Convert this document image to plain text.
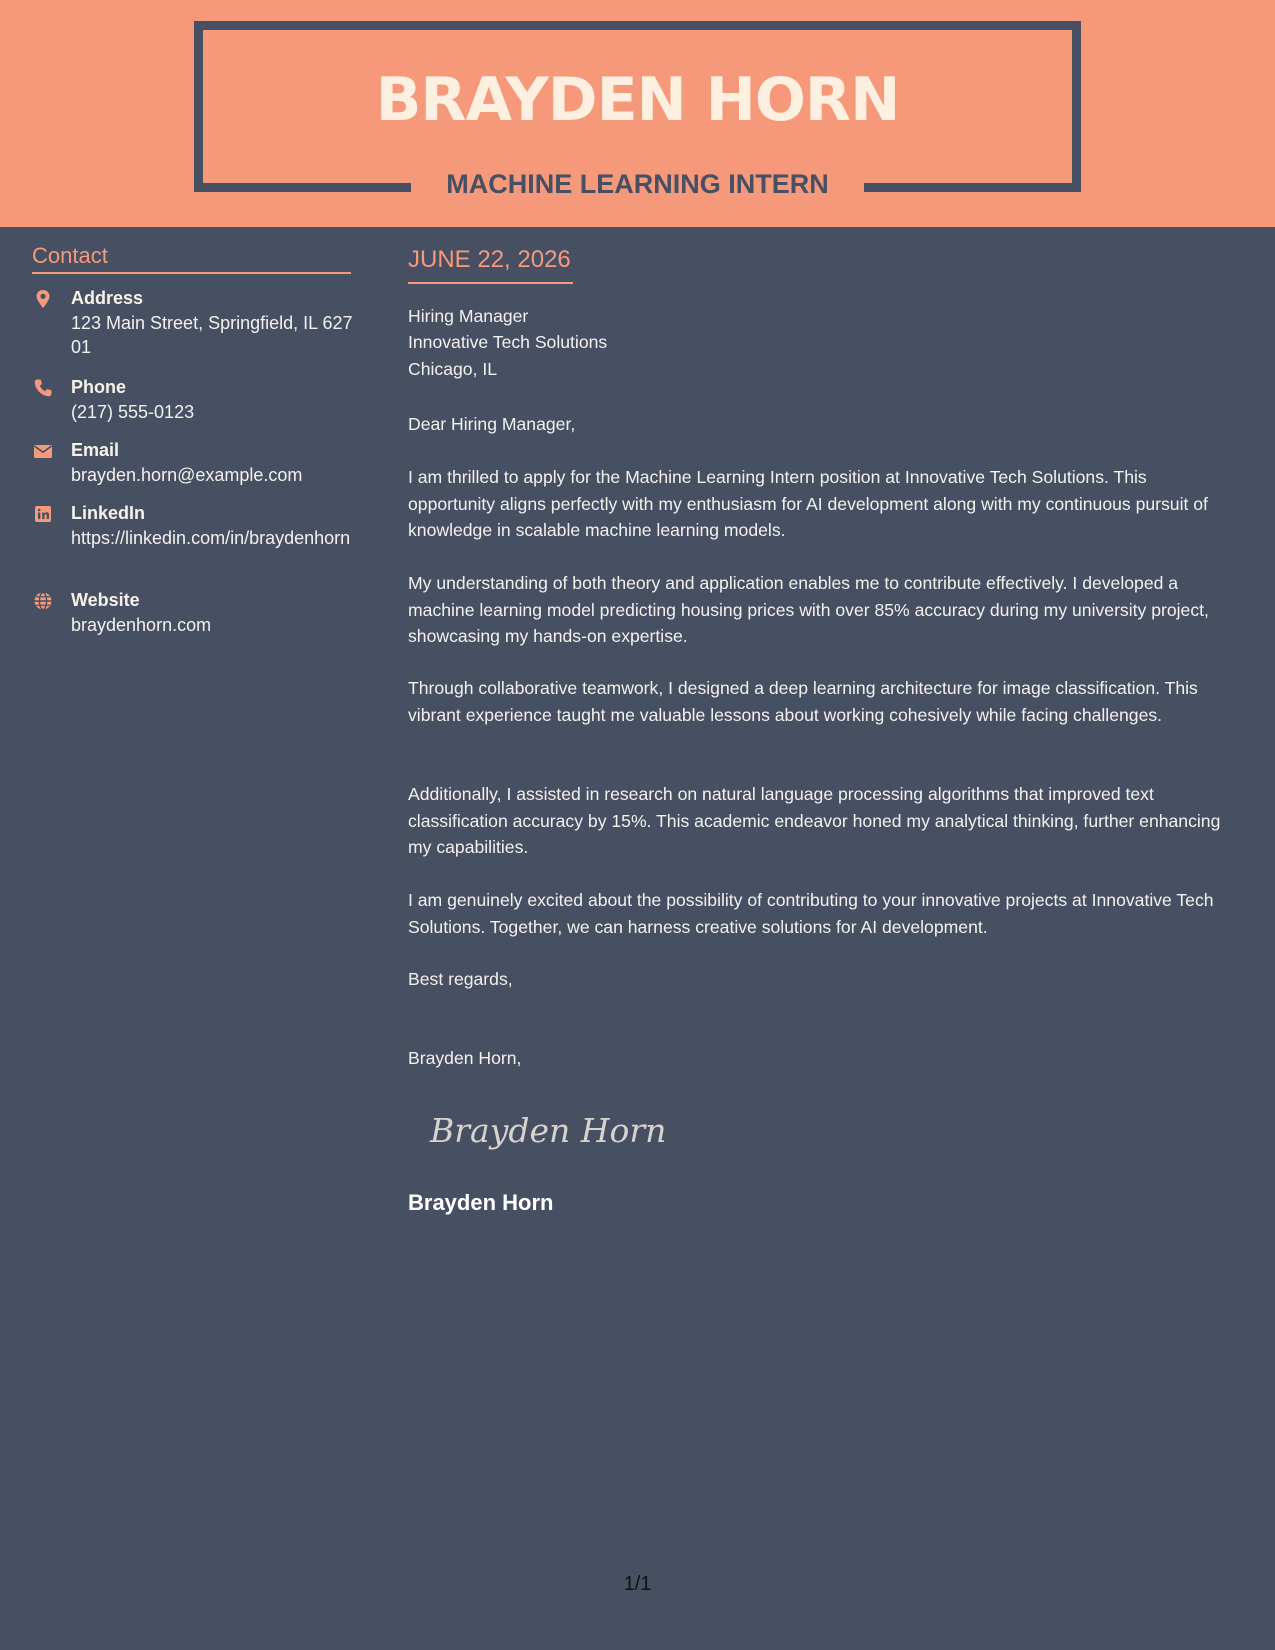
BRAYDEN HORN
MACHINE LEARNING INTERN
Contact
Address
123 Main Street, Springfield, IL 62701
Phone
(217) 555-0123
Email
brayden.horn@example.com
LinkedIn
https://linkedin.com/in/braydenhorn
Website
braydenhorn.com
JUNE 22, 2026
Hiring Manager
Innovative Tech Solutions
Chicago, IL
Dear Hiring Manager,
I am thrilled to apply for the Machine Learning Intern position at Innovative Tech Solutions. This opportunity aligns perfectly with my enthusiasm for AI development along with my continuous pursuit of knowledge in scalable machine learning models.
My understanding of both theory and application enables me to contribute effectively. I developed a machine learning model predicting housing prices with over 85% accuracy during my university project, showcasing my hands-on expertise.
Through collaborative teamwork, I designed a deep learning architecture for image classification. This vibrant experience taught me valuable lessons about working cohesively while facing challenges.
Additionally, I assisted in research on natural language processing algorithms that improved text classification accuracy by 15%. This academic endeavor honed my analytical thinking, further enhancing my capabilities.
I am genuinely excited about the possibility of contributing to your innovative projects at Innovative Tech Solutions. Together, we can harness creative solutions for AI development.
Best regards,
Brayden Horn,
Brayden Horn
Brayden Horn
1/1
